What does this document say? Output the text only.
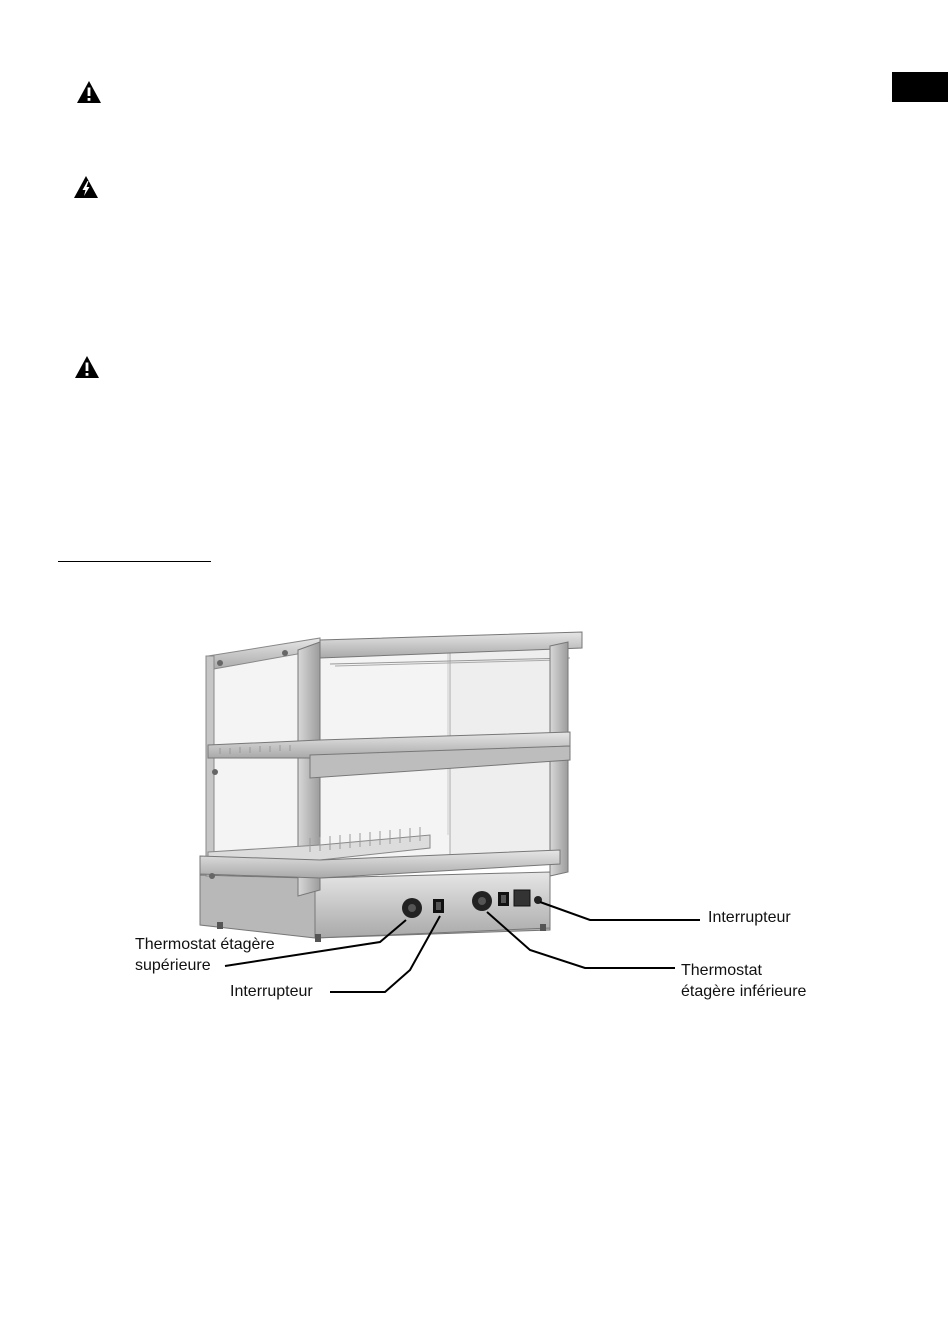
Interrupteur
Thermostat étagère
supérieure
Interrupteur
Thermostat
étagère inférieure
